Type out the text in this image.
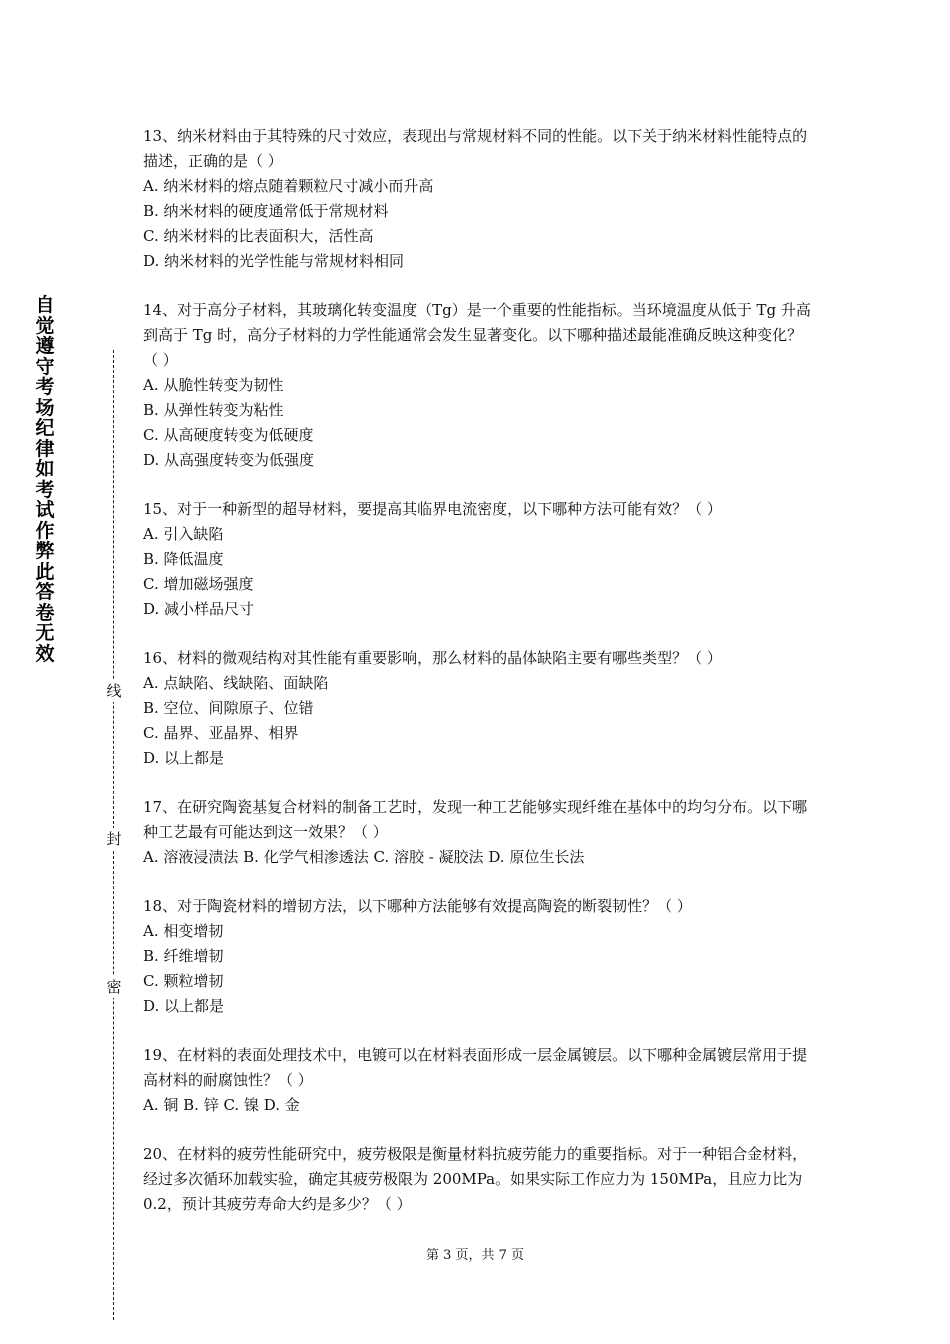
自觉遵守考场纪律如考试作弊此答卷无效
线
封
密
13、纳米材料由于其特殊的尺寸效应，表现出与常规材料不同的性能。以下关于纳米材料性能特点的描述，正确的是（ ）
A. 纳米材料的熔点随着颗粒尺寸减小而升高
B. 纳米材料的硬度通常低于常规材料
C. 纳米材料的比表面积大，活性高
D. 纳米材料的光学性能与常规材料相同
14、对于高分子材料，其玻璃化转变温度（Tg）是一个重要的性能指标。当环境温度从低于 Tg 升高到高于 Tg 时，高分子材料的力学性能通常会发生显著变化。以下哪种描述最能准确反映这种变化？（ ）
A. 从脆性转变为韧性
B. 从弹性转变为粘性
C. 从高硬度转变为低硬度
D. 从高强度转变为低强度
15、对于一种新型的超导材料，要提高其临界电流密度，以下哪种方法可能有效？（ ）
A. 引入缺陷
B. 降低温度
C. 增加磁场强度
D. 减小样品尺寸
16、材料的微观结构对其性能有重要影响，那么材料的晶体缺陷主要有哪些类型？（ ）
A. 点缺陷、线缺陷、面缺陷
B. 空位、间隙原子、位错
C. 晶界、亚晶界、相界
D. 以上都是
17、在研究陶瓷基复合材料的制备工艺时，发现一种工艺能够实现纤维在基体中的均匀分布。以下哪种工艺最有可能达到这一效果？（ ）
A. 溶液浸渍法 B. 化学气相渗透法 C. 溶胶 - 凝胶法 D. 原位生长法
18、对于陶瓷材料的增韧方法，以下哪种方法能够有效提高陶瓷的断裂韧性？（ ）
A. 相变增韧
B. 纤维增韧
C. 颗粒增韧
D. 以上都是
19、在材料的表面处理技术中，电镀可以在材料表面形成一层金属镀层。以下哪种金属镀层常用于提高材料的耐腐蚀性？（ ）
A. 铜 B. 锌 C. 镍 D. 金
20、在材料的疲劳性能研究中，疲劳极限是衡量材料抗疲劳能力的重要指标。对于一种铝合金材料，经过多次循环加载实验，确定其疲劳极限为 200MPa。如果实际工作应力为 150MPa，且应力比为 0.2，预计其疲劳寿命大约是多少？（ ）
第 3 页，共 7 页
